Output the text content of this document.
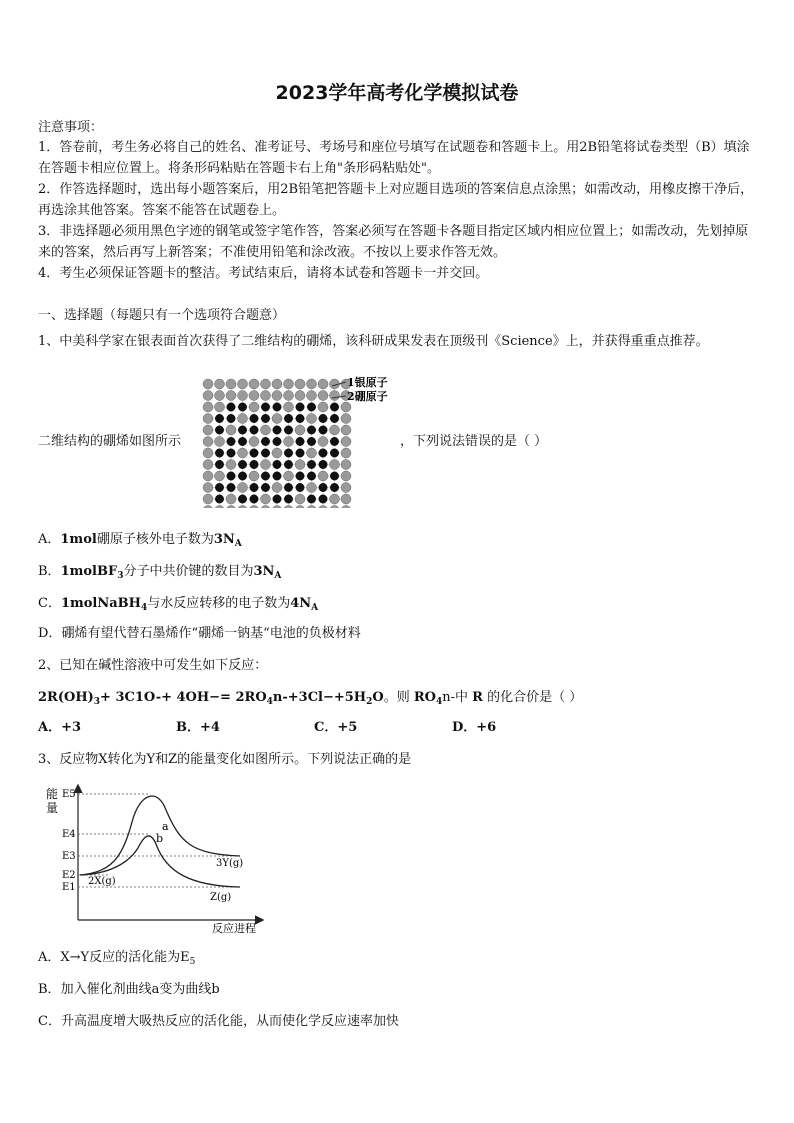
2023学年高考化学模拟试卷
注意事项：
1．答卷前，考生务必将自己的姓名、准考证号、考场号和座位号填写在试题卷和答题卡上。用2B铅笔将试卷类型（B）填涂在答题卡相应位置上。将条形码粘贴在答题卡右上角"条形码粘贴处"。
2．作答选择题时，选出每小题答案后，用2B铅笔把答题卡上对应题目选项的答案信息点涂黑；如需改动，用橡皮擦干净后，再选涂其他答案。答案不能答在试题卷上。
3．非选择题必须用黑色字迹的钢笔或签字笔作答，答案必须写在答题卡各题目指定区域内相应位置上；如需改动，先划掉原来的答案，然后再写上新答案；不准使用铅笔和涂改液。不按以上要求作答无效。
4．考生必须保证答题卡的整洁。考试结束后，请将本试卷和答题卡一并交回。
一、选择题（每题只有一个选项符合题意）
1、中美科学家在银表面首次获得了二维结构的硼烯，该科研成果发表在顶级刊《Science》上，并获得重重点推荐。
二维结构的硼烯如图所示
1银原子
2硼原子
，下列说法错误的是（ ）
A．1mol硼原子核外电子数为$3N_A$
B．1molBF$_3$分子中共价键的数目为$3N_A$
C．1molNaBH$_4$与水反应转移的电子数为$4N_A$
D．硼烯有望代替石墨烯作“硼烯一钠基“电池的负极材料
2、已知在碱性溶液中可发生如下反应：
$2R(OH)_3+ 3C1O-+ 4OH-= 2RO_4n-+3Cl-+5H_2O$。则 $RO_4n-$中 R 的化合价是（ ）
A．+3	B．+4	C．+5	D．+6
3、反应物X转化为Y和Z的能量变化如图所示。下列说法正确的是
能
量
反应进程
E5
E4
E3
E2
E1
a
b
3Y(g)
2X(g)
Z(g)
A．X→Y反应的活化能为$E_5$
B．加入催化剂曲线a变为曲线b
C．升高温度增大吸热反应的活化能，从而使化学反应速率加快
